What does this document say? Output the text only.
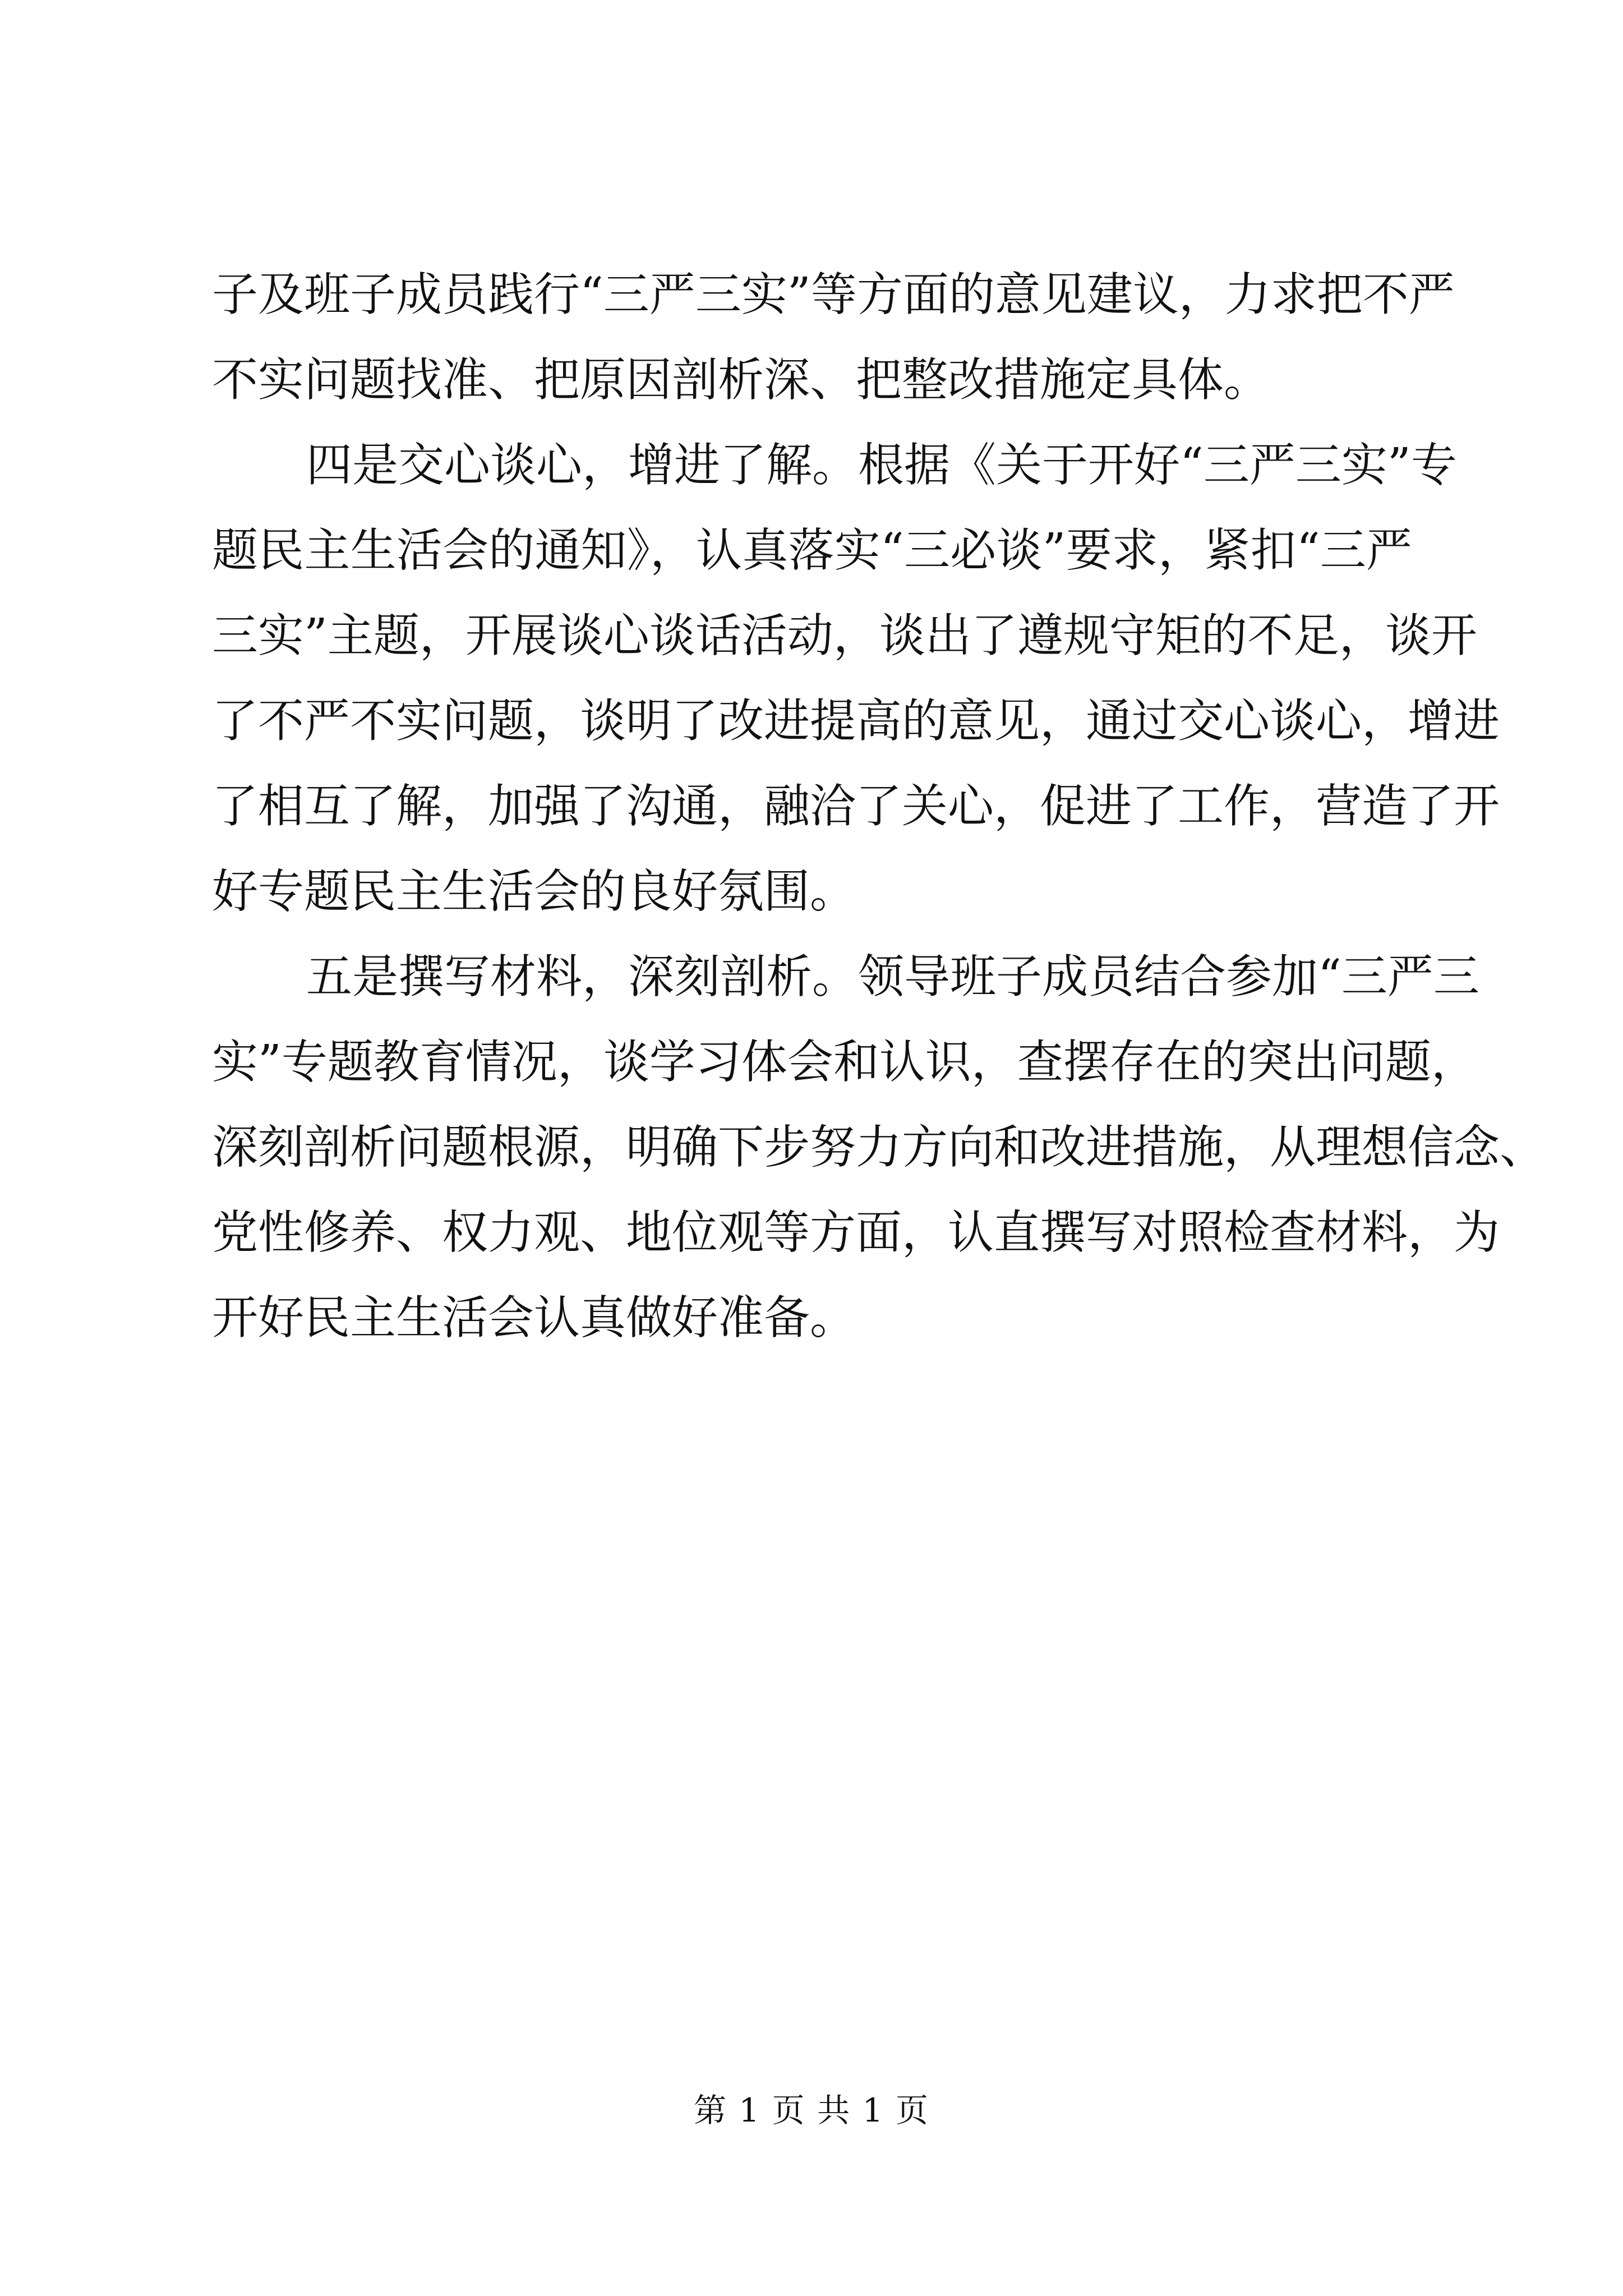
子及班子成员践行“三严三实”等方面的意见建议，力求把不严
不实问题找准、把原因剖析深、把整改措施定具体。
四是交心谈心，增进了解。根据《关于开好“三严三实”专
题民主生活会的通知》，认真落实“三必谈”要求，紧扣“三严
三实”主题，开展谈心谈话活动，谈出了遵规守矩的不足，谈开
了不严不实问题，谈明了改进提高的意见，通过交心谈心，增进
了相互了解，加强了沟通，融洽了关心，促进了工作，营造了开
好专题民主生活会的良好氛围。
五是撰写材料，深刻剖析。领导班子成员结合参加“三严三
实”专题教育情况，谈学习体会和认识，查摆存在的突出问题，
深刻剖析问题根源，明确下步努力方向和改进措施，从理想信念、
党性修养、权力观、地位观等方面，认直撰写对照检查材料，为
开好民主生活会认真做好准备。
第 1 页 共 1 页
